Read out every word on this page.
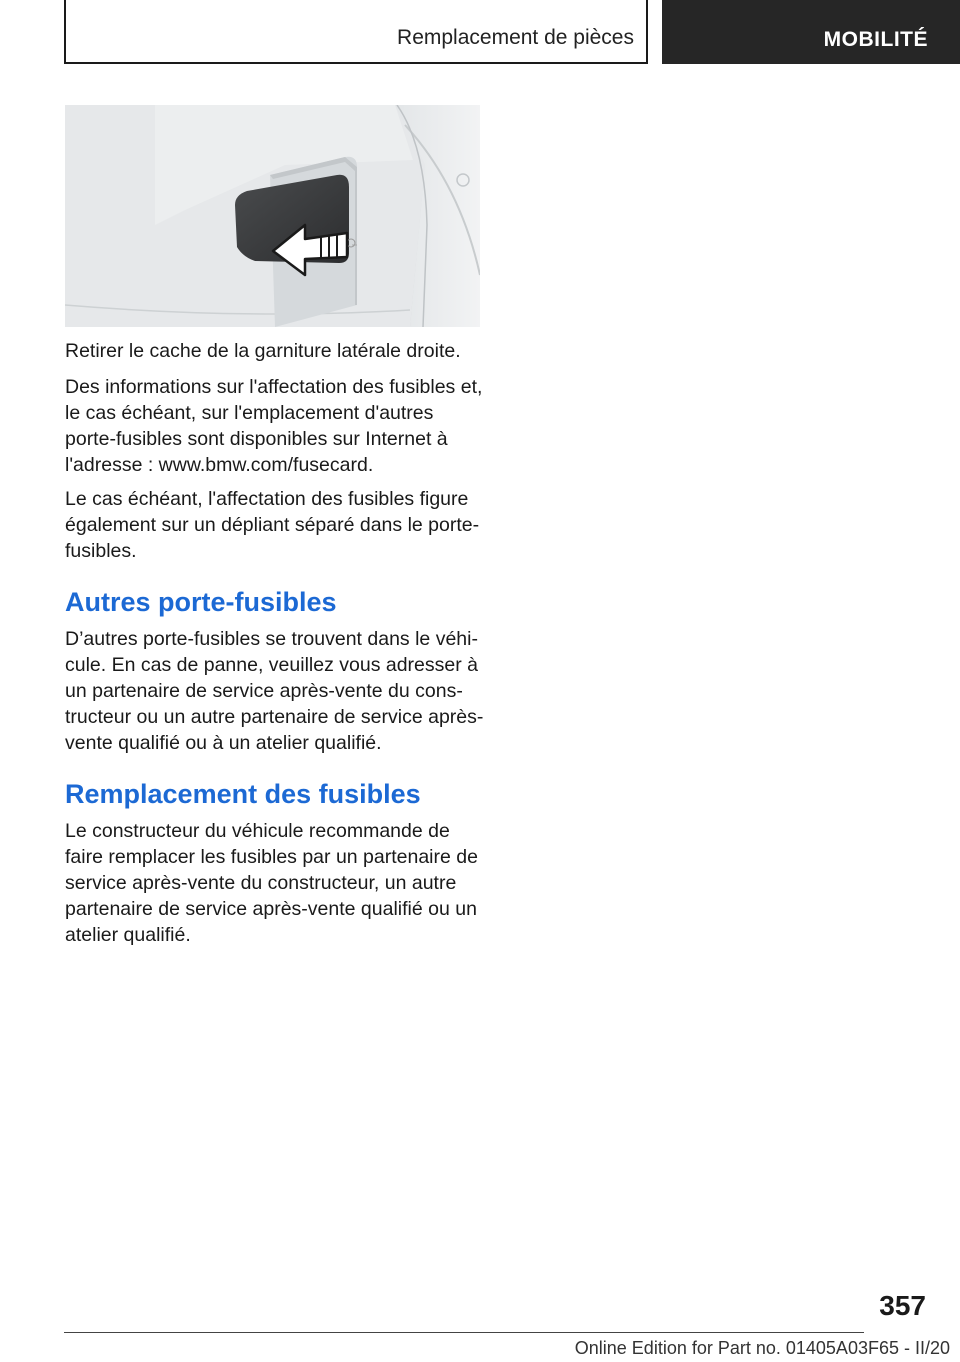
Remplacement de pièces	MOBILITÉ

Retirer le cache de la garniture latérale droite.

Des informations sur l'affectation des fusibles et, le cas échéant, sur l'emplacement d'autres porte-fusibles sont disponibles sur Internet à l'adresse : www.bmw.com/fusecard.

Le cas échéant, l'affectation des fusibles figure également sur un dépliant séparé dans le porte-fusibles.

Autres porte-fusibles

D’autres porte-fusibles se trouvent dans le véhicule. En cas de panne, veuillez vous adresser à un partenaire de service après-vente du constructeur ou un autre partenaire de service après-vente qualifié ou à un atelier qualifié.

Remplacement des fusibles

Le constructeur du véhicule recommande de faire remplacer les fusibles par un partenaire de service après-vente du constructeur, un autre partenaire de service après-vente qualifié ou un atelier qualifié.

357
Online Edition for Part no. 01405A03F65 - II/20
